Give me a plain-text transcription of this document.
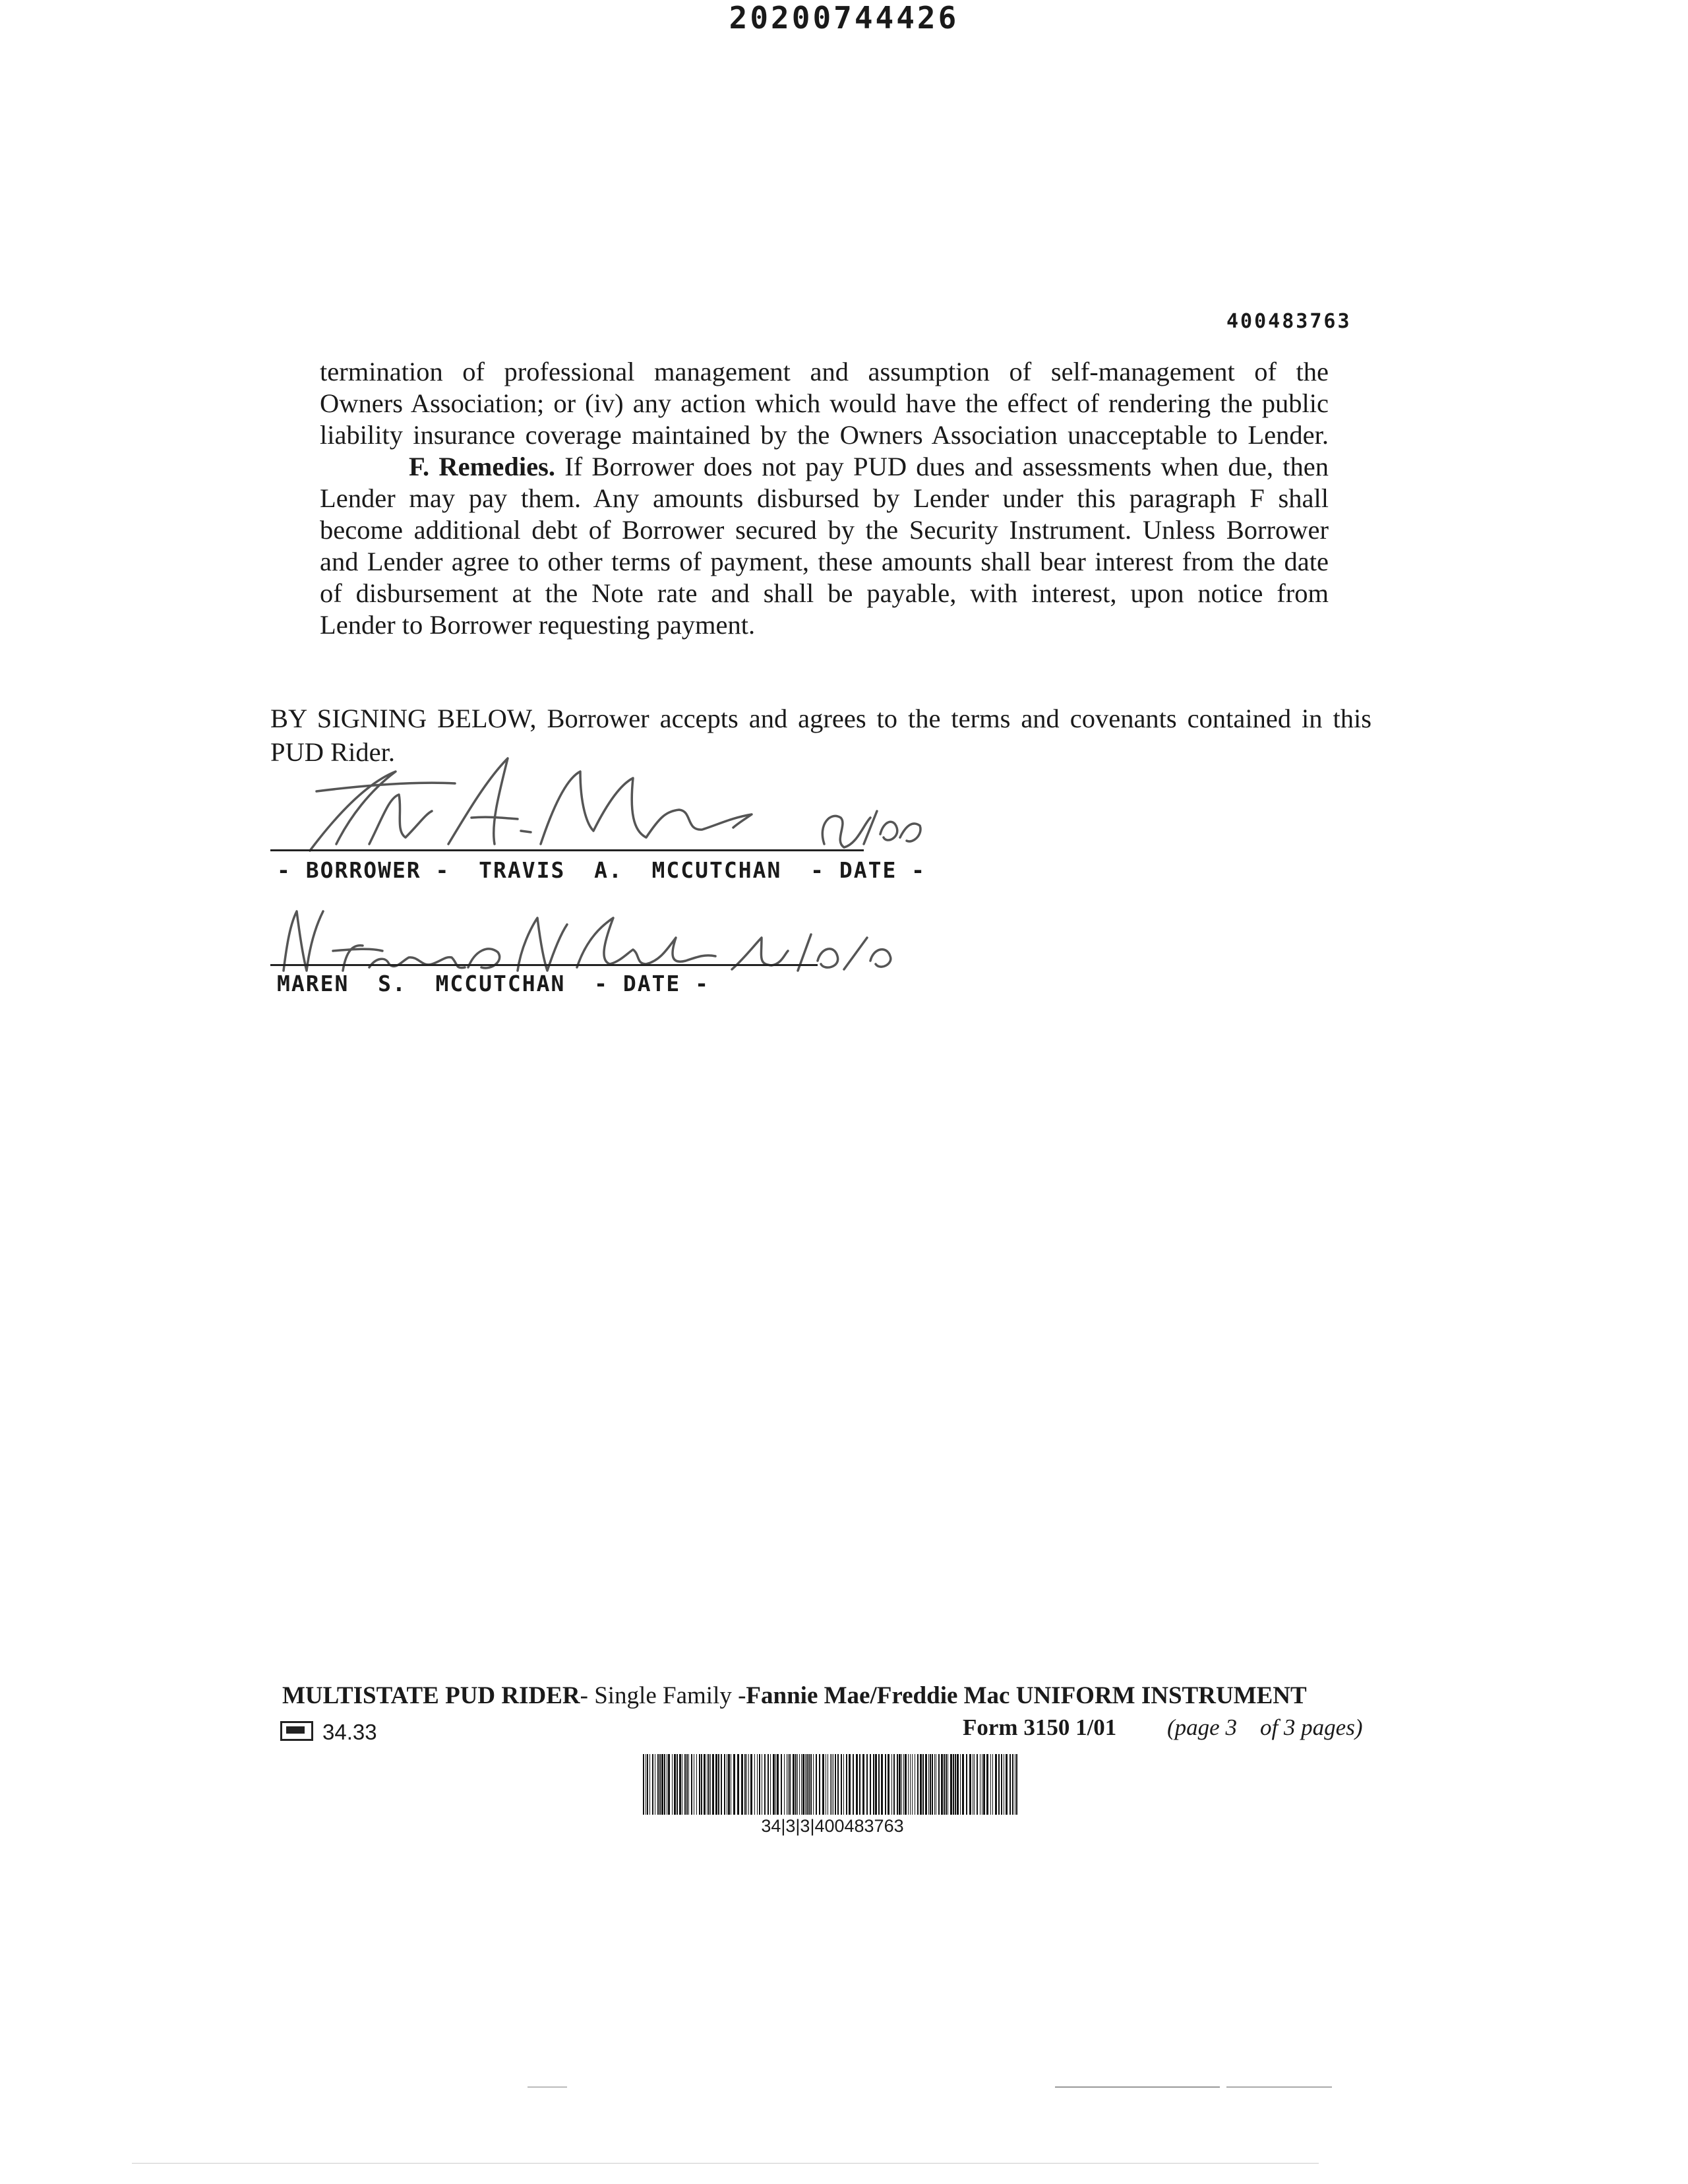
20200744426
400483763
termination of professional management and assumption of self-management of the
Owners Association; or (iv) any action which would have the effect of rendering the public
liability insurance coverage maintained by the Owners Association unacceptable to Lender.
F. Remedies. If Borrower does not pay PUD dues and assessments when due, then
Lender may pay them. Any amounts disbursed by Lender under this paragraph F shall
become additional debt of Borrower secured by the Security Instrument. Unless Borrower
and Lender agree to other terms of payment, these amounts shall bear interest from the date
of disbursement at the Note rate and shall be payable, with interest, upon notice from
Lender to Borrower requesting payment.
BY SIGNING BELOW, Borrower accepts and agrees to the terms and covenants contained in this
PUD Rider.
- BORROWER -  TRAVIS  A.  MCCUTCHAN  - DATE -
MAREN  S.  MCCUTCHAN  - DATE -
MULTISTATE PUD RIDER- Single Family -Fannie Mae/Freddie Mac UNIFORM INSTRUMENT
34.33	Form 3150 1/01 (page 3    of 3 pages)
34|3|3|400483763
